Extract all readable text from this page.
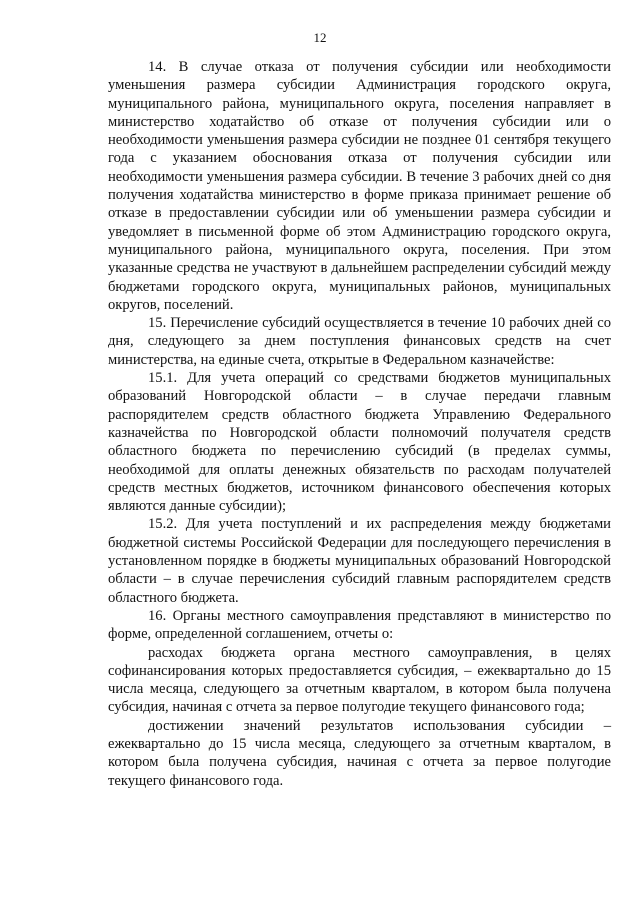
12

14. В случае отказа от получения субсидии или необходимости уменьшения размера субсидии Администрация городского округа, муниципального района, муниципального округа, поселения направляет в министерство ходатайство об отказе от получения субсидии или о необходимости уменьшения размера субсидии не позднее 01 сентября текущего года с указанием обоснования отказа от получения субсидии или необходимости уменьшения размера субсидии. В течение 3 рабочих дней со дня получения ходатайства министерство в форме приказа принимает решение об отказе в предоставлении субсидии или об уменьшении размера субсидии и уведомляет в письменной форме об этом Администрацию городского округа, муниципального района, муниципального округа, поселения. При этом указанные средства не участвуют в дальнейшем распределении субсидий между бюджетами городского округа, муниципальных районов, муниципальных округов, поселений.

15. Перечисление субсидий осуществляется в течение 10 рабочих дней со дня, следующего за днем поступления финансовых средств на счет министерства, на единые счета, открытые в Федеральном казначействе:

15.1. Для учета операций со средствами бюджетов муниципальных образований Новгородской области – в случае передачи главным распорядителем средств областного бюджета Управлению Федерального казначейства по Новгородской области полномочий получателя средств областного бюджета по перечислению субсидий (в пределах суммы, необходимой для оплаты денежных обязательств по расходам получателей средств местных бюджетов, источником финансового обеспечения которых являются данные субсидии);

15.2. Для учета поступлений и их распределения между бюджетами бюджетной системы Российской Федерации для последующего перечисления в установленном порядке в бюджеты муниципальных образований Новгородской области – в случае перечисления субсидий главным распорядителем средств областного бюджета.

16. Органы местного самоуправления представляют в министерство по форме, определенной соглашением, отчеты о:

расходах бюджета органа местного самоуправления, в целях софинансирования которых предоставляется субсидия, – ежеквартально до 15 числа месяца, следующего за отчетным кварталом, в котором была получена субсидия, начиная с отчета за первое полугодие текущего финансового года;

достижении значений результатов использования субсидии – ежеквартально до 15 числа месяца, следующего за отчетным кварталом, в котором была получена субсидия, начиная с отчета за первое полугодие текущего финансового года.
